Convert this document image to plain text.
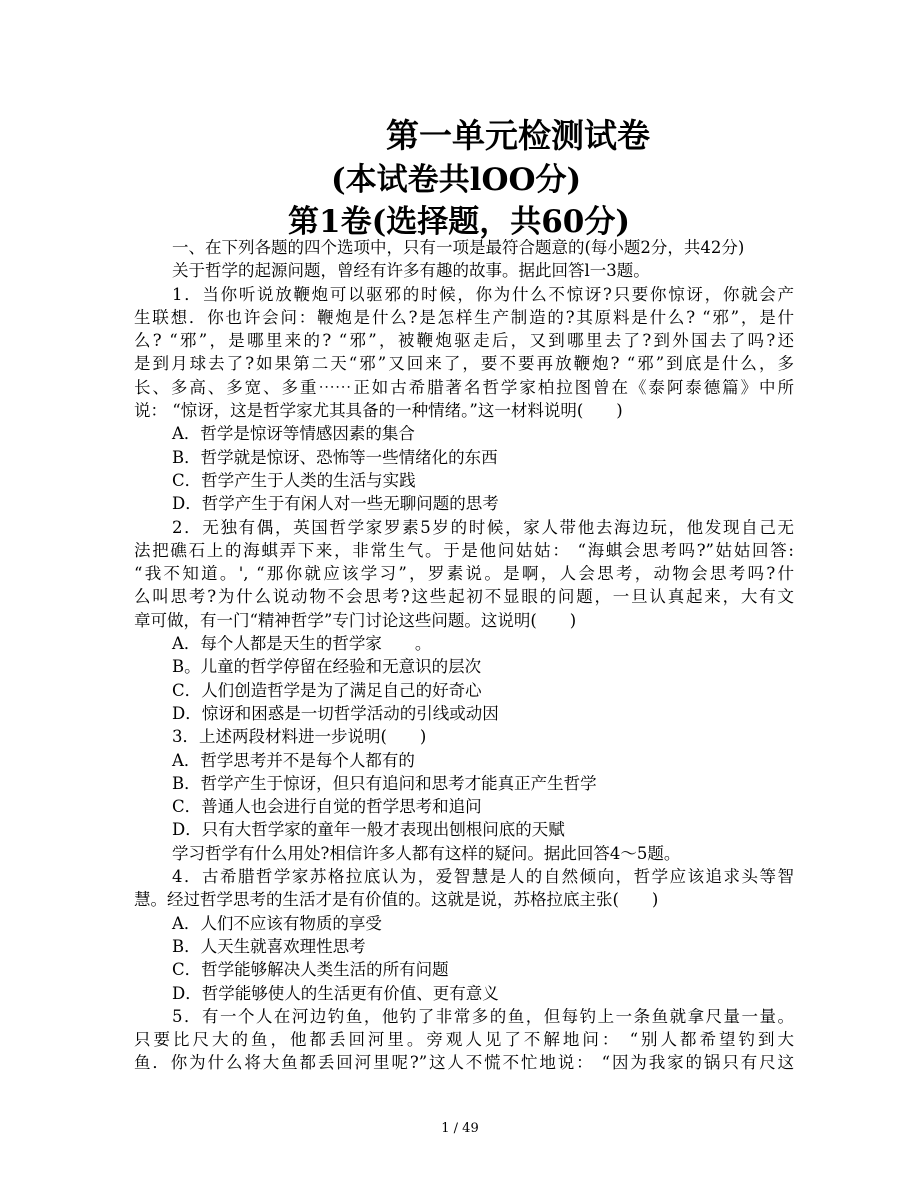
第一单元检测试卷
(本试卷共lOO分)
第1卷(选择题，共60分)
一、在下列各题的四个选项中，只有一项是最符合题意的(每小题2分，共42分)
关于哲学的起源问题，曾经有许多有趣的故事。据此回答l一3题。
1．当你听说放鞭炮可以驱邪的时候，你为什么不惊讶?只要你惊讶，你就会产
生联想．你也许会问：鞭炮是什么?是怎样生产制造的?其原料是什么? “邪”，是什
么? “邪”，是哪里来的? “邪”，被鞭炮驱走后，又到哪里去了?到外国去了吗?还
是到月球去了?如果第二天“邪”又回来了，要不要再放鞭炮? “邪”到底是什么，多
长、多高、多宽、多重⋯⋯正如古希腊著名哲学家柏拉图曾在《泰阿泰德篇》中所
说： “惊讶，这是哲学家尤其具备的一种情绪。”这一材料说明(　　)
A．哲学是惊讶等情感因素的集合
B．哲学就是惊讶、恐怖等一些情绪化的东西
C．哲学产生于人类的生活与实践
D．哲学产生于有闲人对一些无聊问题的思考
2．无独有偶，英国哲学家罗素5岁的时候，家人带他去海边玩，他发现自己无
法把礁石上的海蜞弄下来，非常生气。于是他问姑姑： “海蜞会思考吗?”姑姑回答:
“我不知道。', “那你就应该学习”，罗素说。是啊，人会思考，动物会思考吗?什
么叫思考?为什么说动物不会思考?这些起初不显眼的问题，一旦认真起来，大有文
章可做，有一门“精神哲学”专门讨论这些问题。这说明(　　)
A．每个人都是天生的哲学家　　。
B。儿童的哲学停留在经验和无意识的层次
C．人们创造哲学是为了满足自己的好奇心
D．惊讶和困惑是一切哲学活动的引线或动因
3．上述两段材料进一步说明(　　)
A．哲学思考并不是每个人都有的
B．哲学产生于惊讶，但只有追问和思考才能真正产生哲学
C．普通人也会进行自觉的哲学思考和追问
D．只有大哲学家的童年一般才表现出刨根问底的天赋
学习哲学有什么用处?相信许多人都有这样的疑问。据此回答4～5题。
4．古希腊哲学家苏格拉底认为，爱智慧是人的自然倾向，哲学应该追求头等智
慧。经过哲学思考的生活才是有价值的。这就是说，苏格拉底主张(　　)
A．人们不应该有物质的享受
B．人天生就喜欢理性思考
C．哲学能够解决人类生活的所有问题
D．哲学能够使人的生活更有价值、更有意义
5．有一个人在河边钓鱼，他钓了非常多的鱼，但每钓上一条鱼就拿尺量一量。
只要比尺大的鱼，他都丢回河里。旁观人见了不解地问： “别人都希望钓到大
鱼．你为什么将大鱼都丢回河里呢?”这人不慌不忙地说： “因为我家的锅只有尺这
1 / 49
